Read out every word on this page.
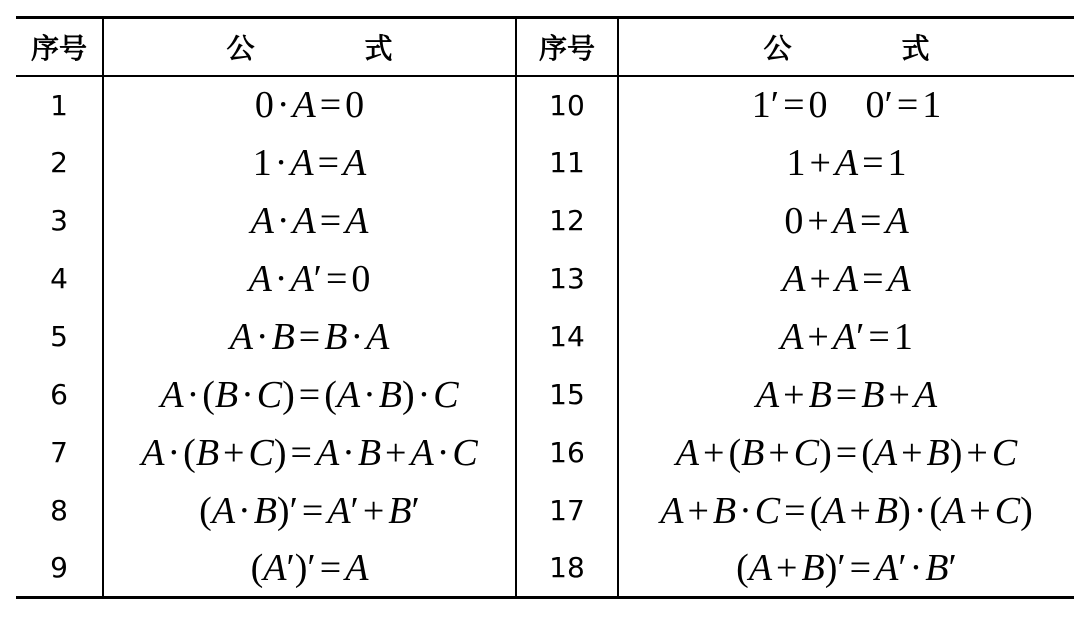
序号	公 式	序号	公 式
1	0·A = 0	10	1′ = 0    0′ = 1
2	1·A = A	11	1 + A = 1
3	A·A = A	12	0 + A = A
4	A·A′ = 0	13	A + A = A
5	A·B = B·A	14	A + A′ = 1
6	A·(B·C) = (A·B)·C	15	A + B = B + A
7	A·(B + C) = A·B + A·C	16	A + (B + C) = (A + B) + C
8	(A·B)′ = A′ + B′	17	A + B·C = (A + B)·(A + C)
9	(A′)′ = A	18	(A + B)′ = A′·B′
